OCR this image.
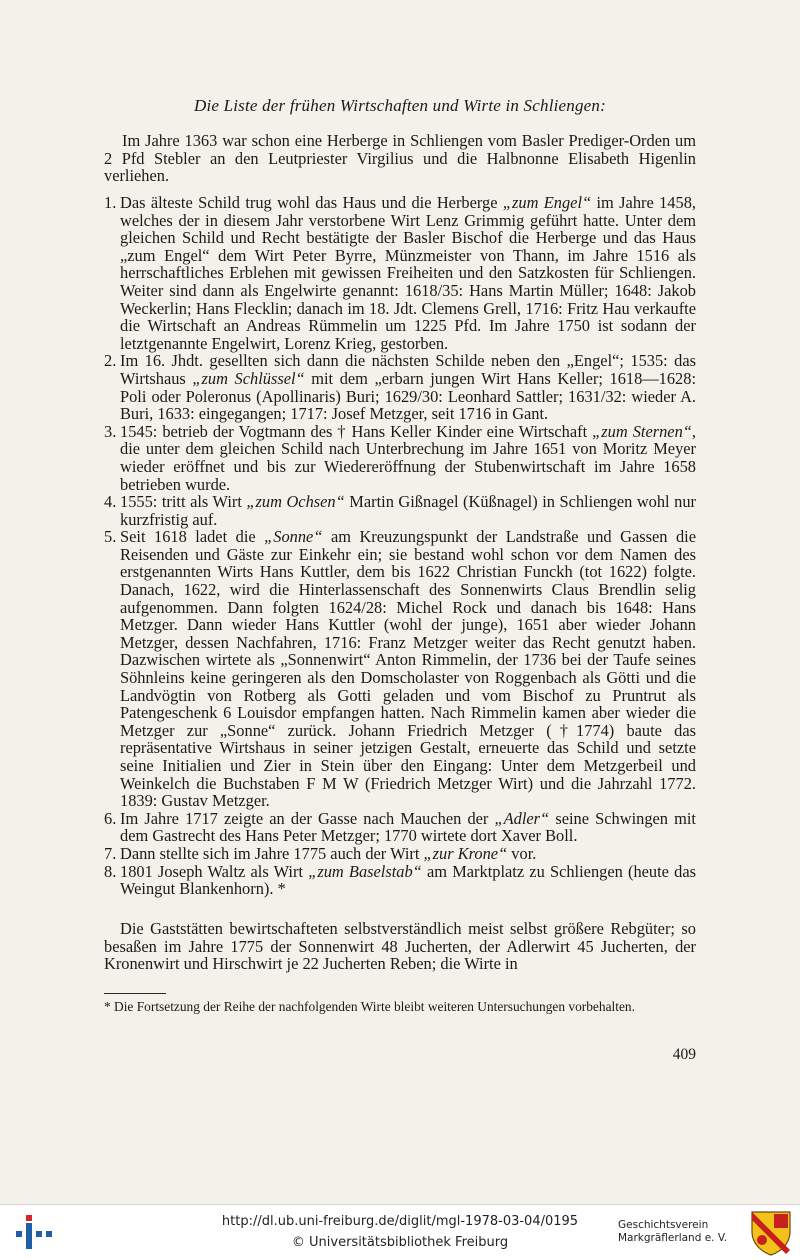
Die Liste der frühen Wirtschaften und Wirte in Schliengen:
Im Jahre 1363 war schon eine Herberge in Schliengen vom Basler Prediger-Orden um 2 Pfd Stebler an den Leutpriester Virgilius und die Halbnonne Elisabeth Higenlin verliehen.
1. Das älteste Schild trug wohl das Haus und die Herberge „zum Engel“ im Jahre 1458, welches der in diesem Jahr verstorbene Wirt Lenz Grimmig geführt hatte. Unter dem gleichen Schild und Recht bestätigte der Basler Bischof die Herberge und das Haus „zum Engel“ dem Wirt Peter Byrre, Münzmeister von Thann, im Jahre 1516 als herrschaftliches Erblehen mit gewissen Freiheiten und den Satzkosten für Schliengen. Weiter sind dann als Engelwirte genannt: 1618/35: Hans Martin Müller; 1648: Jakob Weckerlin; Hans Flecklin; danach im 18. Jdt. Clemens Grell, 1716: Fritz Hau verkaufte die Wirtschaft an Andreas Rümmelin um 1225 Pfd. Im Jahre 1750 ist sodann der letztgenannte Engelwirt, Lorenz Krieg, gestorben.
2. Im 16. Jhdt. gesellten sich dann die nächsten Schilde neben den „Engel“; 1535: das Wirtshaus „zum Schlüssel“ mit dem „erbarn jungen Wirt Hans Keller; 1618—1628: Poli oder Poleronus (Apollinaris) Buri; 1629/30: Leonhard Sattler; 1631/32: wieder A. Buri, 1633: eingegangen; 1717: Josef Metzger, seit 1716 in Gant.
3. 1545: betrieb der Vogtmann des † Hans Keller Kinder eine Wirtschaft „zum Sternen“, die unter dem gleichen Schild nach Unterbrechung im Jahre 1651 von Moritz Meyer wieder eröffnet und bis zur Wiedereröffnung der Stubenwirtschaft im Jahre 1658 betrieben wurde.
4. 1555: tritt als Wirt „zum Ochsen“ Martin Gißnagel (Küßnagel) in Schliengen wohl nur kurzfristig auf.
5. Seit 1618 ladet die „Sonne“ am Kreuzungspunkt der Landstraße und Gassen die Reisenden und Gäste zur Einkehr ein; sie bestand wohl schon vor dem Namen des erstgenannten Wirts Hans Kuttler, dem bis 1622 Christian Funckh (tot 1622) folgte. Danach, 1622, wird die Hinterlassenschaft des Sonnenwirts Claus Brendlin selig aufgenommen. Dann folgten 1624/28: Michel Rock und danach bis 1648: Hans Metzger. Dann wieder Hans Kuttler (wohl der junge), 1651 aber wieder Johann Metzger, dessen Nachfahren, 1716: Franz Metzger weiter das Recht genutzt haben. Dazwischen wirtete als „Sonnenwirt“ Anton Rimmelin, der 1736 bei der Taufe seines Söhnleins keine geringeren als den Domscholaster von Roggenbach als Götti und die Landvögtin von Rotberg als Gotti geladen und vom Bischof zu Pruntrut als Patengeschenk 6 Louisdor empfangen hatten. Nach Rimmelin kamen aber wieder die Metzger zur „Sonne“ zurück. Johann Friedrich Metzger (†1774) baute das repräsentative Wirtshaus in seiner jetzigen Gestalt, erneuerte das Schild und setzte seine Initialien und Zier in Stein über den Eingang: Unter dem Metzgerbeil und Weinkelch die Buchstaben F M W (Friedrich Metzger Wirt) und die Jahrzahl 1772. 1839: Gustav Metzger.
6. Im Jahre 1717 zeigte an der Gasse nach Mauchen der „Adler“ seine Schwingen mit dem Gastrecht des Hans Peter Metzger; 1770 wirtete dort Xaver Boll.
7. Dann stellte sich im Jahre 1775 auch der Wirt „zur Krone“ vor.
8. 1801 Joseph Waltz als Wirt „zum Baselstab“ am Marktplatz zu Schliengen (heute das Weingut Blankenhorn). *
Die Gaststätten bewirtschafteten selbstverständlich meist selbst größere Rebgüter; so besaßen im Jahre 1775 der Sonnenwirt 48 Jucherten, der Adlerwirt 45 Jucherten, der Kronenwirt und Hirschwirt je 22 Jucherten Reben; die Wirte in
* Die Fortsetzung der Reihe der nachfolgenden Wirte bleibt weiteren Untersuchungen vorbehalten.
409
http://dl.ub.uni-freiburg.de/diglit/mgl-1978-03-04/0195
© Universitätsbibliothek Freiburg
Geschichtsverein
Markgräflerland e. V.
